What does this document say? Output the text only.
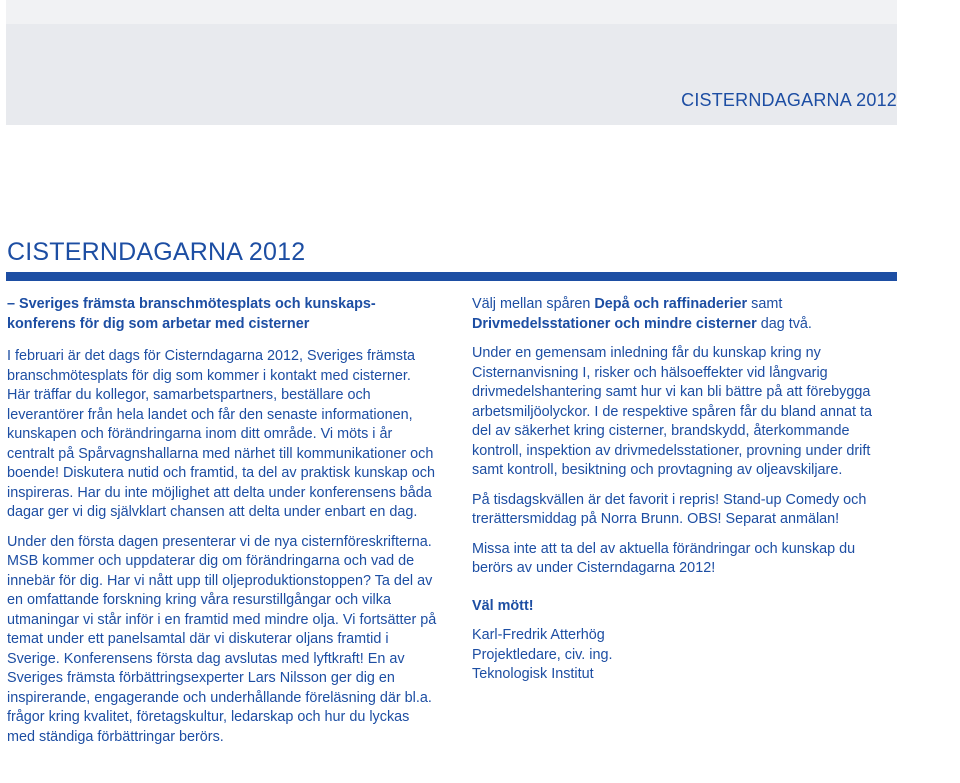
CISTERNDAGARNA 2012
CISTERNDAGARNA 2012

– Sveriges främsta branschmötesplats och kunskaps-konferens för dig som arbetar med cisterner

I februari är det dags för Cisterndagarna 2012, Sveriges främsta branschmötesplats för dig som kommer i kontakt med cisterner. Här träffar du kollegor, samarbetspartners, beställare och leverantörer från hela landet och får den senaste informationen, kunskapen och förändringarna inom ditt område. Vi möts i år centralt på Spårvagnshallarna med närhet till kommunikationer och boende! Diskutera nutid och framtid, ta del av praktisk kunskap och inspireras. Har du inte möjlighet att delta under konferensens båda dagar ger vi dig självklart chansen att delta under enbart en dag.

Under den första dagen presenterar vi de nya cisternföreskrifterna. MSB kommer och uppdaterar dig om förändringarna och vad de innebär för dig. Har vi nått upp till oljeproduktionstoppen? Ta del av en omfattande forskning kring våra resurstillgångar och vilka utmaningar vi står inför i en framtid med mindre olja. Vi fortsätter på temat under ett panelsamtal där vi diskuterar oljans framtid i Sverige. Konferensens första dag avslutas med lyftkraft! En av Sveriges främsta förbättringsexperter Lars Nilsson ger dig en inspirerande, engagerande och underhållande föreläsning där bl.a. frågor kring kvalitet, företagskultur, ledarskap och hur du lyckas med ständiga förbättringar berörs.

Välj mellan spåren Depå och raffinaderier samt Drivmedelsstationer och mindre cisterner dag två.

Under en gemensam inledning får du kunskap kring ny Cisternanvisning I, risker och hälsoeffekter vid långvarig drivmedelshantering samt hur vi kan bli bättre på att förebygga arbetsmiljöolyckor. I de respektive spåren får du bland annat ta del av säkerhet kring cisterner, brandskydd, återkommande kontroll, inspektion av drivmedelsstationer, provning under drift samt kontroll, besiktning och provtagning av oljeavskiljare.

På tisdagskvällen är det favorit i repris! Stand-up Comedy och trerättersmiddag på Norra Brunn. OBS! Separat anmälan!

Missa inte att ta del av aktuella förändringar och kunskap du berörs av under Cisterndagarna 2012!

Väl mött!

Karl-Fredrik Atterhög
Projektledare, civ. ing.
Teknologisk Institut
